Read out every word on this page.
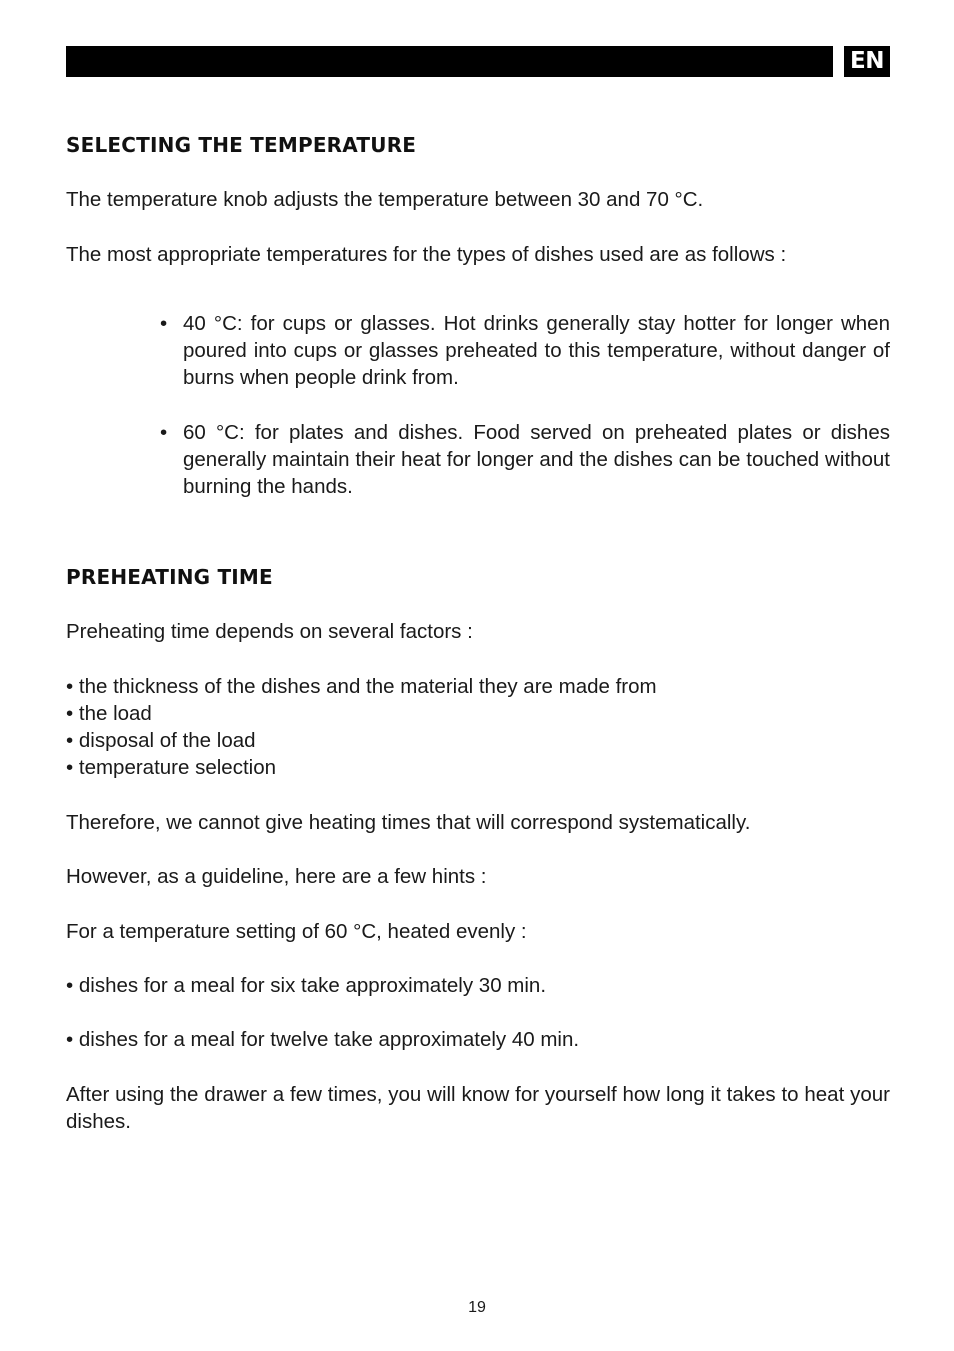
EN
SELECTING THE TEMPERATURE

The temperature knob adjusts the temperature between 30 and 70 °C.

The most appropriate temperatures for the types of dishes used are as follows :

• 40 °C: for cups or glasses. Hot drinks generally stay hotter for longer when poured into cups or glasses preheated to this temperature, without danger of burns when people drink from.

• 60 °C: for plates and dishes. Food served on preheated plates or dishes generally maintain their heat for longer and the dishes can be touched without burning the hands.

PREHEATING TIME

Preheating time depends on several factors :

• the thickness of the dishes and the material they are made from

• the load

• disposal of the load

• temperature selection

Therefore, we cannot give heating times that will correspond systematically.

However, as a guideline, here are a few hints :

For a temperature setting of 60 °C, heated evenly :

• dishes for a meal for six take approximately 30 min.

• dishes for a meal for twelve take approximately 40 min.

After using the drawer a few times, you will know for yourself how long it takes to heat your dishes.

19
